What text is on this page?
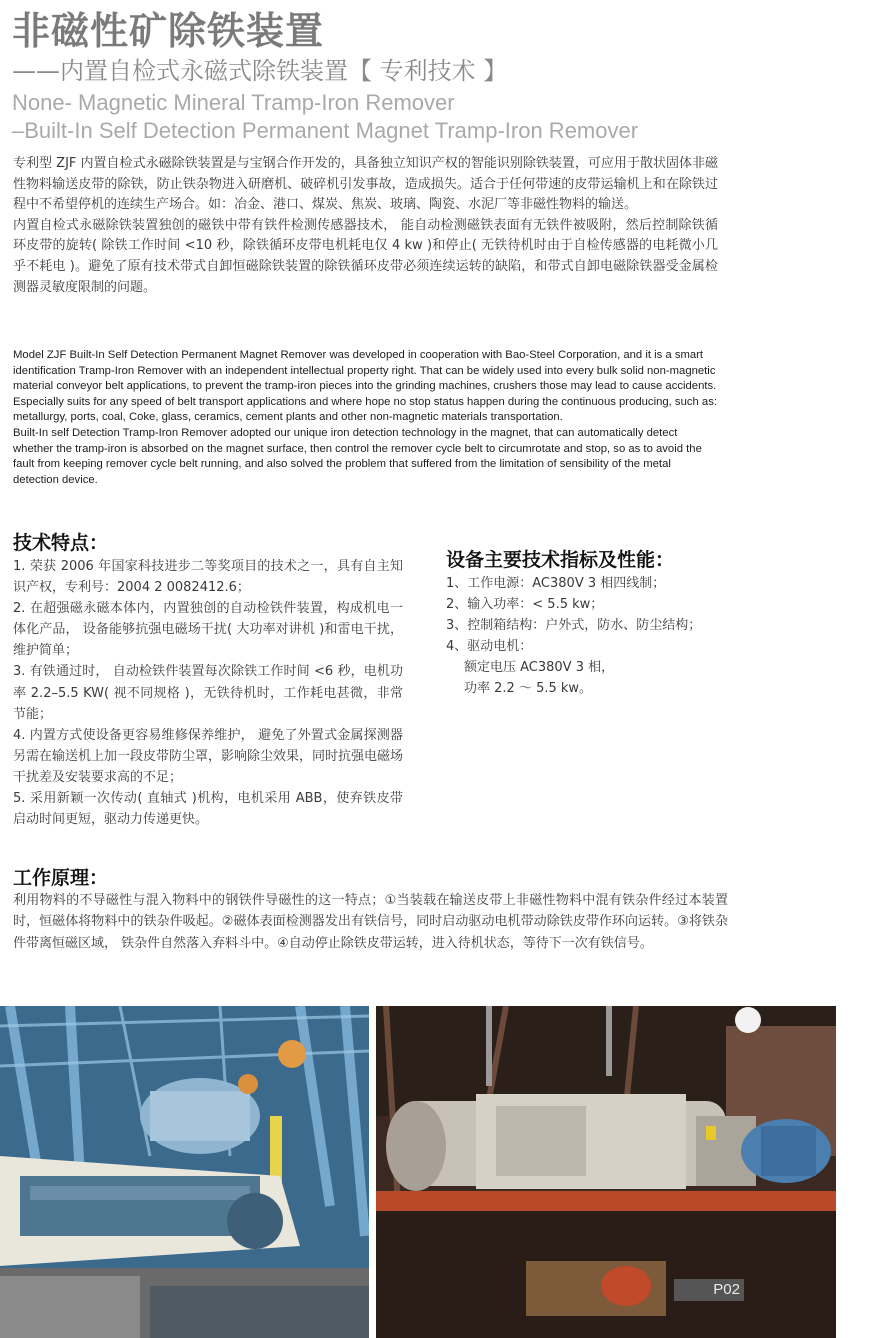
非磁性矿除铁装置
——内置自检式永磁式除铁装置【 专利技术 】
None- Magnetic Mineral Tramp-Iron Remover
–Built-In Self Detection Permanent Magnet Tramp-Iron Remover

专利型 ZJF 内置自检式永磁除铁装置是与宝钢合作开发的，具备独立知识产权的智能识别除铁装置，可应用于散状固体非磁性物料输送皮带的除铁，防止铁杂物进入研磨机、破碎机引发事故，造成损失。适合于任何带速的皮带运输机上和在除铁过程中不希望停机的连续生产场合。如：冶金、港口、煤炭、焦炭、玻璃、陶瓷、水泥厂等非磁性物料的输送。
内置自检式永磁除铁装置独创的磁铁中带有铁件检测传感器技术， 能自动检测磁铁表面有无铁件被吸附，然后控制除铁循环皮带的旋转( 除铁工作时间 <10 秒，除铁循环皮带电机耗电仅 4 kw )和停止( 无铁待机时由于自检传感器的电耗微小几乎不耗电 )。避免了原有技术带式自卸恒磁除铁装置的除铁循环皮带必须连续运转的缺陷，和带式自卸电磁除铁器受金属检测器灵敏度限制的问题。

Model ZJF Built-In Self Detection Permanent Magnet Remover was developed in cooperation with Bao-Steel Corporation, and it is a smart identification Tramp-Iron Remover with an independent intellectual property right. That can be widely used into every bulk solid non-magnetic material conveyor belt applications, to prevent the tramp-iron pieces into the grinding machines, crushers those may lead to cause accidents. Especially suits for any speed of belt transport applications and where hope no stop status happen during the continuous producing, such as: metallurgy, ports, coal, Coke, glass, ceramics, cement plants and other non-magnetic materials transportation.
Built-In self Detection Tramp-Iron Remover adopted our unique iron detection technology in the magnet, that can automatically detect whether the tramp-iron is absorbed on the magnet surface, then control the remover cycle belt to circumrotate and stop, so as to avoid the fault from keeping remover cycle belt running, and also solved the problem that suffered from the limitation of sensibility of the metal detection device.

技术特点：
1. 荣获 2006 年国家科技进步二等奖项目的技术之一，具有自主知识产权，专利号：2004 2 0082412.6；
2. 在超强磁永磁本体内，内置独创的自动检铁件装置，构成机电一体化产品， 设备能够抗强电磁场干扰( 大功率对讲机 )和雷电干扰，维护简单；
3. 有铁通过时， 自动检铁件装置每次除铁工作时间 <6 秒，电机功率 2.2–5.5 KW( 视不同规格 )，无铁待机时，工作耗电甚微，非常节能；
4. 内置方式使设备更容易维修保养维护， 避免了外置式金属探测器另需在输送机上加一段皮带防尘罩，影响除尘效果，同时抗强电磁场干扰差及安装要求高的不足；
5. 采用新颖一次传动( 直轴式 )机构，电机采用 ABB，使弃铁皮带启动时间更短，驱动力传递更快。
设备主要技术指标及性能：
1、工作电源：AC380V 3 相四线制；
2、输入功率：< 5.5 kw；
3、控制箱结构：户外式，防水、防尘结构；
4、驱动电机：
额定电压 AC380V 3 相，
功率 2.2 ～ 5.5 kw。
工作原理：

利用物料的不导磁性与混入物料中的钢铁件导磁性的这一特点；①当装载在输送皮带上非磁性物料中混有铁杂件经过本装置时，恒磁体将物料中的铁杂件吸起。②磁体表面检测器发出有铁信号，同时启动驱动电机带动除铁皮带作环向运转。③将铁杂件带离恒磁区域， 铁杂件自然落入弃料斗中。④自动停止除铁皮带运转，进入待机状态，等待下一次有铁信号。

P02
